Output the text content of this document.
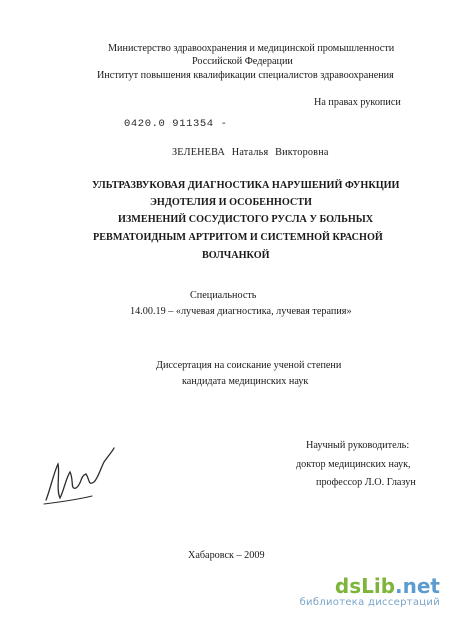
Министерство здравоохранения и медицинской промышленности
Российской Федерации
Институт повышения квалификации специалистов здравоохранения
На правах рукописи
0420.0 911354 -
ЗЕЛЕНЕВА Наталья Викторовна
УЛЬТРАЗВУКОВАЯ ДИАГНОСТИКА НАРУШЕНИЙ ФУНКЦИИ
ЭНДОТЕЛИЯ И ОСОБЕННОСТИ
ИЗМЕНЕНИЙ СОСУДИСТОГО РУСЛА У БОЛЬНЫХ
РЕВМАТОИДНЫМ АРТРИТОМ И СИСТЕМНОЙ КРАСНОЙ
ВОЛЧАНКОЙ
Специальность
14.00.19 – «лучевая диагностика, лучевая терапия»
Диссертация на соискание ученой степени
кандидата медицинских наук
Научный руководитель:
доктор медицинских наук,
профессор Л.О. Глазун
Хабаровск – 2009
dsLib.net
библиотека диссертаций
